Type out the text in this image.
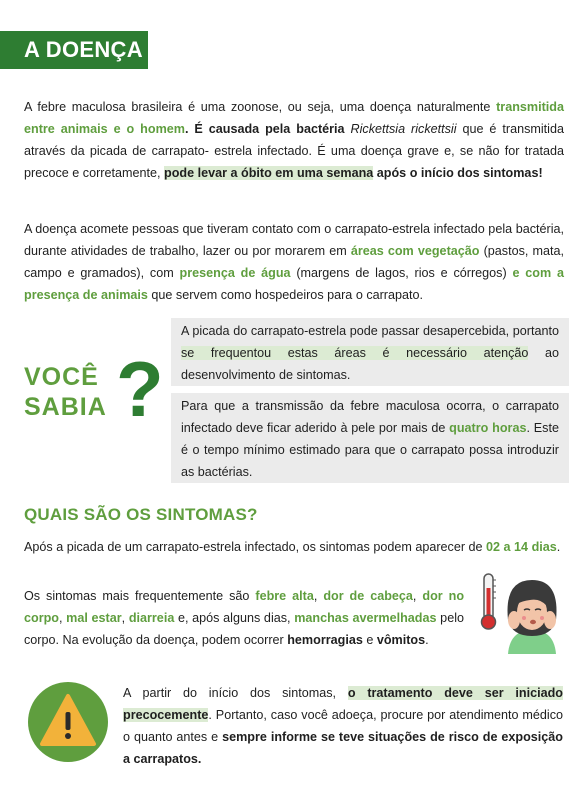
A DOENÇA

A febre maculosa brasileira é uma zoonose, ou seja, uma doença naturalmente transmitida entre animais e o homem. É causada pela bactéria Rickettsia rickettsii que é transmitida através da picada de carrapato- estrela infectado. É uma doença grave e, se não for tratada precoce e corretamente, pode levar a óbito em uma semana após o início dos sintomas!

A doença acomete pessoas que tiveram contato com o carrapato-estrela infectado pela bactéria, durante atividades de trabalho, lazer ou por morarem em áreas com vegetação (pastos, mata, campo e gramados), com presença de água (margens de lagos, rios e córregos) e com a presença de animais que servem como hospedeiros para o carrapato.

VOCÊ
SABIA ?
A picada do carrapato-estrela pode passar desapercebida, portanto se frequentou estas áreas é necessário atenção ao desenvolvimento de sintomas.
Para que a transmissão da febre maculosa ocorra, o carrapato infectado deve ficar aderido à pele por mais de quatro horas. Este é o tempo mínimo estimado para que o carrapato possa introduzir as bactérias.
QUAIS SÃO OS SINTOMAS?

Após a picada de um carrapato-estrela infectado, os sintomas podem aparecer de 02 a 14 dias.

Os sintomas mais frequentemente são febre alta, dor de cabeça, dor no corpo, mal estar, diarreia e, após alguns dias, manchas avermelhadas pelo corpo. Na evolução da doença, podem ocorrer hemorragias e vômitos.

A partir do início dos sintomas, o tratamento deve ser iniciado precocemente. Portanto, caso você adoeça, procure por atendimento médico o quanto antes e sempre informe se teve situações de risco de exposição a carrapatos.
